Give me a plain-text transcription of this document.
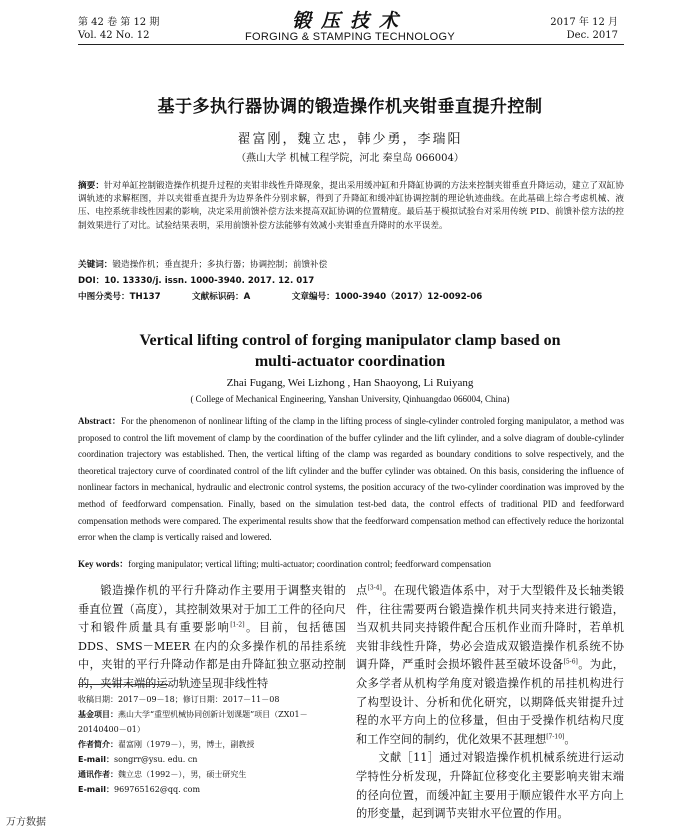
第 42 卷 第 12 期
Vol. 42 No. 12
锻压技术
FORGING & STAMPING TECHNOLOGY
2017 年 12 月
Dec. 2017
基于多执行器协调的锻造操作机夹钳垂直提升控制
翟富刚，魏立忠，韩少勇，李瑞阳
（燕山大学 机械工程学院，河北 秦皇岛 066004）
摘要：针对单缸控制锻造操作机提升过程的夹钳非线性升降现象，提出采用缓冲缸和升降缸协调的方法来控制夹钳垂直升降运动，建立了双缸协调轨迹的求解框图，并以夹钳垂直提升为边界条件分别求解，得到了升降缸和缓冲缸协调控制的理论轨迹曲线。在此基础上综合考虑机械、液压、电控系统非线性因素的影响，决定采用前馈补偿方法来提高双缸协调的位置精度。最后基于模拟试验台对采用传统 PID、前馈补偿方法的控制效果进行了对比。试验结果表明，采用前馈补偿方法能够有效减小夹钳垂直升降时的水平误差。
关键词：锻造操作机；垂直提升；多执行器；协调控制；前馈补偿
DOI：10. 13330/j. issn. 1000-3940. 2017. 12. 017
中图分类号：TH137	文献标识码：A	文章编号：1000-3940（2017）12-0092-06
Vertical lifting control of forging manipulator clamp based on
multi-actuator coordination
Zhai Fugang, Wei Lizhong , Han Shaoyong, Li Ruiyang
( College of Mechanical Engineering, Yanshan University, Qinhuangdao 066004, China)
Abstract：For the phenomenon of nonlinear lifting of the clamp in the lifting process of single-cylinder controled forging manipulator, a method was proposed to control the lift movement of clamp by the coordination of the buffer cylinder and the lift cylinder, and a solve diagram of double-cylinder coordination trajectory was established. Then, the vertical lifting of the clamp was regarded as boundary conditions to solve respectively, and the theoretical trajectory curve of coordinated control of the lift cylinder and the buffer cylinder was obtained. On this basis, considering the influence of nonlinear factors in mechanical, hydraulic and electronic control systems, the position accuracy of the two-cylinder coordination was improved by the method of feedforward compensation. Finally, based on the simulation test-bed data, the control effects of traditional PID and feedforward compensation methods were compared. The experimental results show that the feedforward compensation method can effectively reduce the horizontal error when the clamp is vertically raised and lowered.
Key words：forging manipulator; vertical lifting; multi-actuator; coordination control; feedforward compensation
锻造操作机的平行升降动作主要用于调整夹钳的垂直位置（高度），其控制效果对于加工工件的径向尺寸和锻件质量具有重要影响[1-2]。目前，包括德国 DDS、SMS－MEER 在内的众多操作机的吊挂系统中，夹钳的平行升降动作都是由升降缸独立驱动控制的，夹钳末端的运动轨迹呈现非线性特
点[3-4]。在现代锻造体系中，对于大型锻件及长轴类锻件，往往需要两台锻造操作机共同夹持来进行锻造，当双机共同夹持锻件配合压机作业而升降时，若单机夹钳非线性升降，势必会造成双锻造操作机系统不协调升降，严重时会损坏锻件甚至破坏设备[5-6]。为此，众多学者从机构学角度对锻造操作机的吊挂机构进行了构型设计、分析和优化研究，以期降低夹钳提升过程的水平方向上的位移量，但由于受操作机结构尺度和工作空间的制约，优化效果不甚理想[7-10]。
文献［11］通过对锻造操作机机械系统进行运动学特性分析发现，升降缸位移变化主要影响夹钳末端的径向位置，而缓冲缸主要用于顺应锻件水平方向上的形变量，起到调节夹钳水平位置的作用。
收稿日期：2017－09－18；修订日期：2017－11－08
基金项目：燕山大学“重型机械协同创新计划课题”项目（ZX01－20140400－01）
作者简介：翟富刚（1979－），男，博士，副教授
E-mail：songrr@ysu. edu. cn
通讯作者：魏立忠（1992－），男，硕士研究生
E-mail：969765162@qq. com
万方数据
